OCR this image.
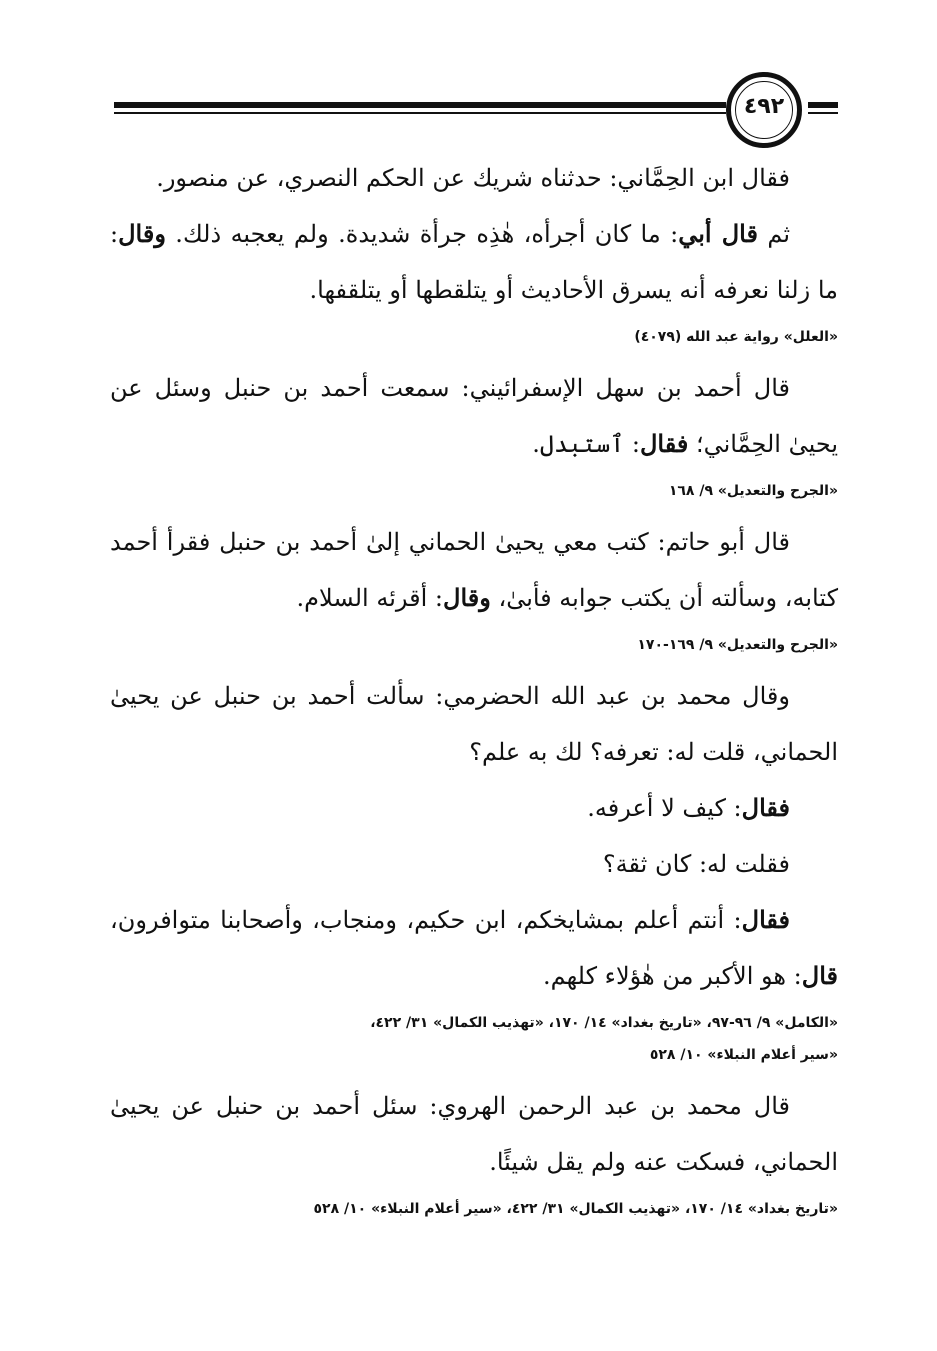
٤٩٢

فقال ابن الحِمَّاني: حدثناه شريك عن الحكم النصري، عن منصور.

ثم قال أبي: ما كان أجرأه، هٰذِه جرأة شديدة. ولم يعجبه ذلك. وقال: ما زلنا نعرفه أنه يسرق الأحاديث أو يتلقطها أو يتلقفها.

«العلل» رواية عبد الله (٤٠٧٩)

قال أحمد بن سهل الإسفرائيني: سمعت أحمد بن حنبل وسئل عن يحيىٰ الحِمَّاني؛ فقال: ٱستبدل.

«الجرح والتعديل» ٩/ ١٦٨

قال أبو حاتم: كتب معي يحيىٰ الحماني إلىٰ أحمد بن حنبل فقرأ أحمد كتابه، وسألته أن يكتب جوابه فأبىٰ، وقال: أقرئه السلام.

«الجرح والتعديل» ٩/ ١٦٩-١٧٠

وقال محمد بن عبد الله الحضرمي: سألت أحمد بن حنبل عن يحيىٰ الحماني، قلت له: تعرفه؟ لك به علم؟

فقال: كيف لا أعرفه.

فقلت له: كان ثقة؟

فقال: أنتم أعلم بمشايخكم، ابن حكيم، ومنجاب، وأصحابنا متوافرون، قال: هو الأكبر من هٰؤلاء كلهم.

«الكامل» ٩/ ٩٦-٩٧، «تاريخ بغداد» ١٤/ ١٧٠، «تهذيب الكمال» ٣١/ ٤٢٢،
«سير أعلام النبلاء» ١٠/ ٥٢٨

قال محمد بن عبد الرحمن الهروي: سئل أحمد بن حنبل عن يحيىٰ الحماني، فسكت عنه ولم يقل شيئًا.

«تاريخ بغداد» ١٤/ ١٧٠، «تهذيب الكمال» ٣١/ ٤٢٢، «سير أعلام النبلاء» ١٠/ ٥٢٨
